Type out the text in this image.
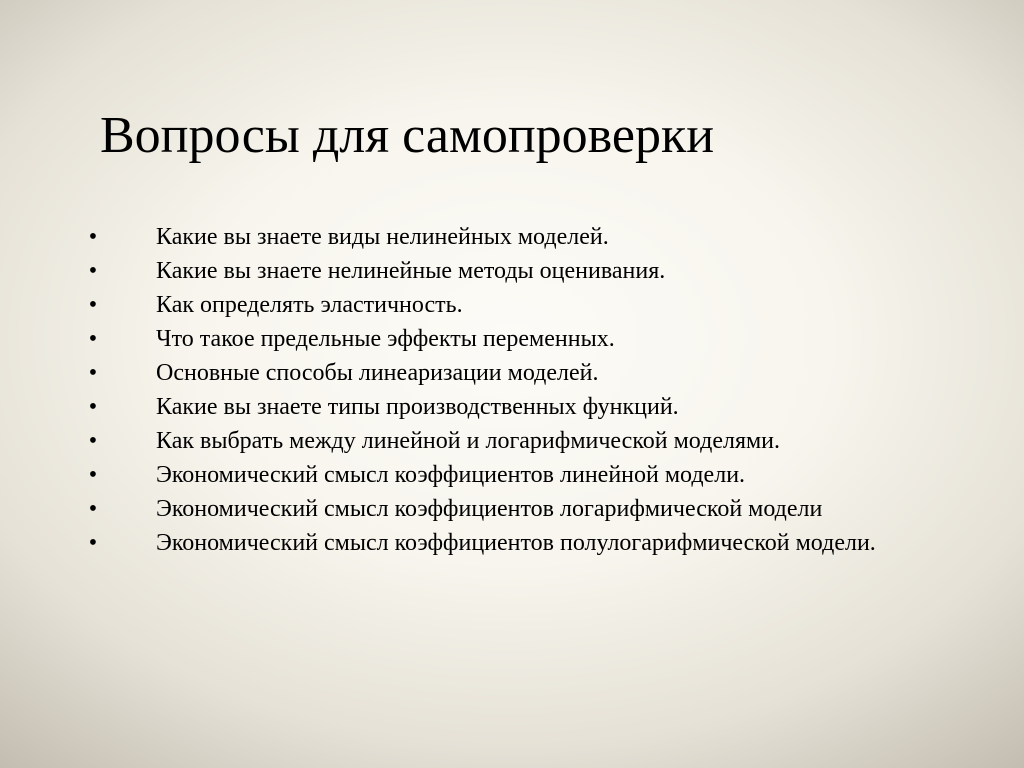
Вопросы для самопроверки
• Какие вы знаете виды нелинейных моделей.
• Какие вы знаете нелинейные методы оценивания.
• Как определять эластичность.
• Что такое предельные эффекты переменных.
• Основные способы линеаризации моделей.
• Какие вы знаете типы производственных функций.
• Как выбрать между линейной и логарифмической моделями.
• Экономический смысл коэффициентов линейной модели.
• Экономический смысл коэффициентов логарифмической модели
• Экономический смысл коэффициентов полулогарифмической модели.
